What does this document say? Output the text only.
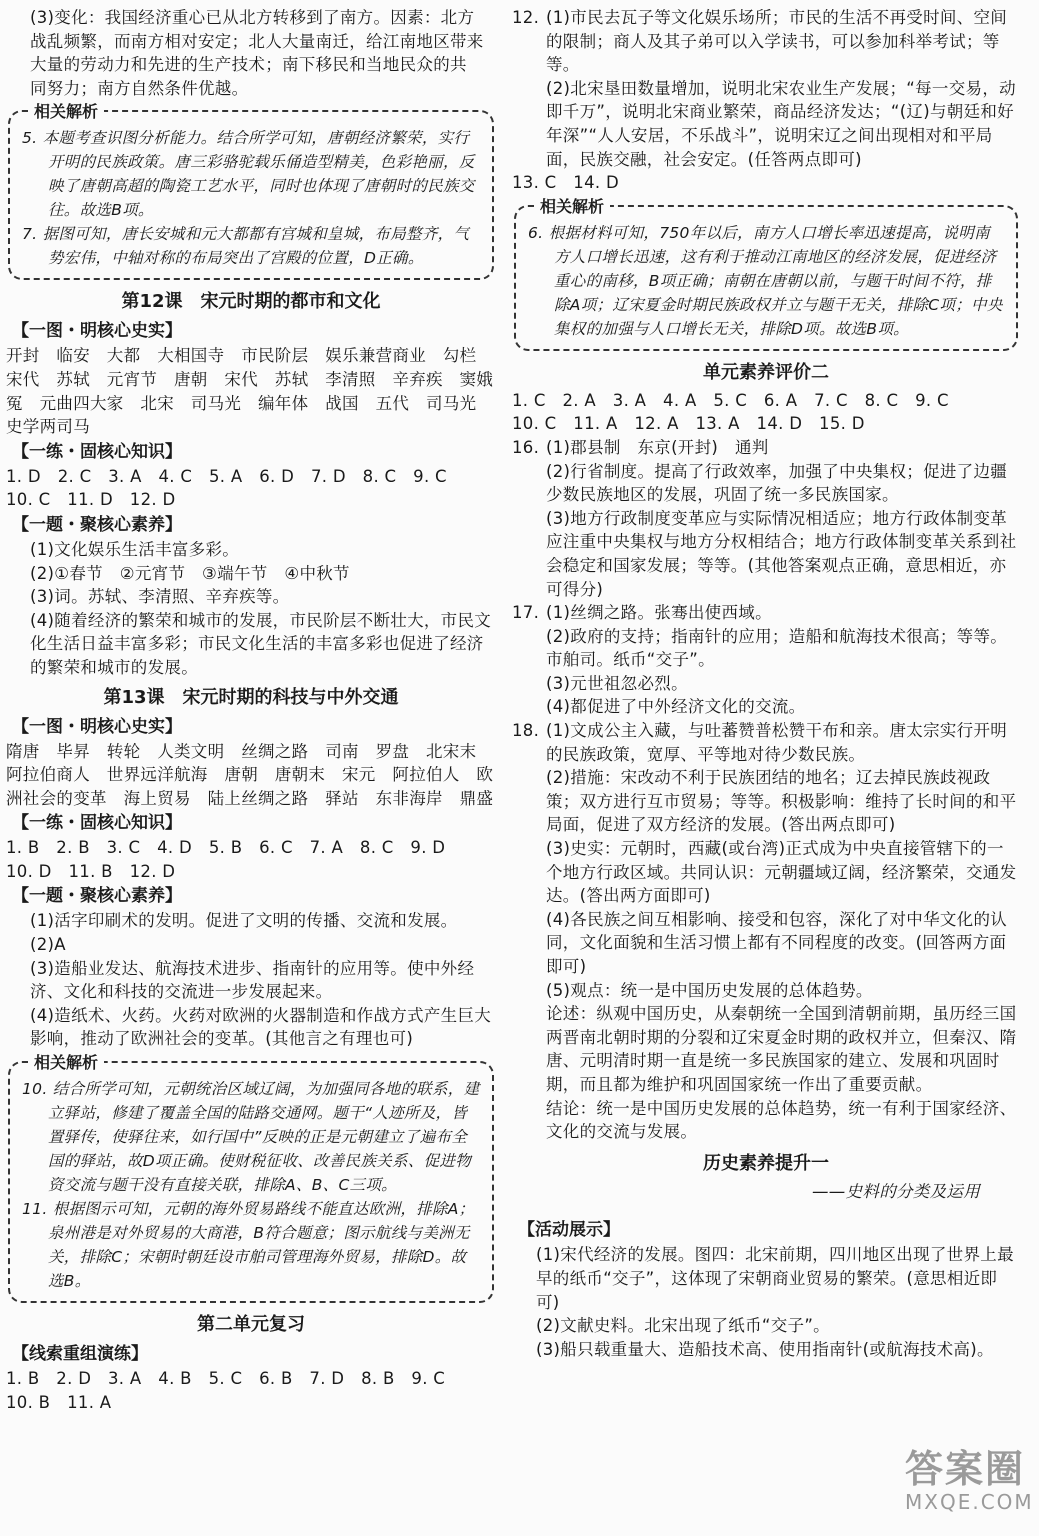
(3)变化：我国经济重心已从北方转移到了南方。因素：北方

战乱频繁，而南方相对安定；北人大量南迁，给江南地区带来

大量的劳动力和先进的生产技术；南下移民和当地民众的共

同努力；南方自然条件优越。

相关解析

5. 本题考查识图分析能力。结合所学可知，唐朝经济繁荣，实行开明的民族政策。唐三彩骆驼载乐俑造型精美，色彩艳丽，反映了唐朝高超的陶瓷工艺水平，同时也体现了唐朝时的民族交往。故选B项。

7. 据图可知，唐长安城和元大都都有宫城和皇城，布局整齐，气势宏伟，中轴对称的布局突出了宫殿的位置，D正确。

第12课　宋元时期的都市和文化

【一图・明核心史实】

开封　临安　大都　大相国寺　市民阶层　娱乐兼营商业　勾栏　宋代　苏轼　元宵节　唐朝　宋代　苏轼　李清照　辛弃疾　窦娥冤　元曲四大家　北宋　司马光　编年体　战国　五代　司马光　史学两司马

【一练・固核心知识】

1. D　2. C　3. A　4. C　5. A　6. D　7. D　8. C　9. C

10. C　11. D　12. D

【一题・聚核心素养】

(1)文化娱乐生活丰富多彩。

(2)①春节　②元宵节　③端午节　④中秋节

(3)词。苏轼、李清照、辛弃疾等。

(4)随着经济的繁荣和城市的发展，市民阶层不断壮大，市民文化生活日益丰富多彩；市民文化生活的丰富多彩也促进了经济的繁荣和城市的发展。

第13课　宋元时期的科技与中外交通

【一图・明核心史实】

隋唐　毕昇　转轮　人类文明　丝绸之路　司南　罗盘　北宋末　阿拉伯商人　世界远洋航海　唐朝　唐朝末　宋元　阿拉伯人　欧洲社会的变革　海上贸易　陆上丝绸之路　驿站　东非海岸　鼎盛

【一练・固核心知识】

1. B　2. B　3. C　4. D　5. B　6. C　7. A　8. C　9. D

10. D　11. B　12. D

【一题・聚核心素养】

(1)活字印刷术的发明。促进了文明的传播、交流和发展。

(2)A

(3)造船业发达、航海技术进步、指南针的应用等。使中外经济、文化和科技的交流进一步发展起来。

(4)造纸术、火药。火药对欧洲的火器制造和作战方式产生巨大影响，推动了欧洲社会的变革。(其他言之有理也可)

相关解析

10. 结合所学可知，元朝统治区域辽阔，为加强同各地的联系，建立驿站，修建了覆盖全国的陆路交通网。题干“人迹所及，皆置驿传，使驿往来，如行国中”反映的正是元朝建立了遍布全国的驿站，故D项正确。使财税征收、改善民族关系、促进物资交流与题干没有直接关联，排除A、B、C三项。

11. 根据图示可知，元朝的海外贸易路线不能直达欧洲，排除A；泉州港是对外贸易的大商港，B符合题意；图示航线与美洲无关，排除C；宋朝时朝廷设市舶司管理海外贸易，排除D。故选B。

第二单元复习

【线索重组演练】

1. B　2. D　3. A　4. B　5. C　6. B　7. D　8. B　9. C

10. B　11. A

12. (1)市民去瓦子等文化娱乐场所；市民的生活不再受时间、空间的限制；商人及其子弟可以入学读书，可以参加科举考试；等等。

(2)北宋垦田数量增加，说明北宋农业生产发展；“每一交易，动即千万”，说明北宋商业繁荣，商品经济发达；“(辽)与朝廷和好年深”“人人安居，不乐战斗”，说明宋辽之间出现相对和平局面，民族交融，社会安定。(任答两点即可)

13. C　14. D

相关解析

6. 根据材料可知，750年以后，南方人口增长率迅速提高，说明南方人口增长迅速，这有利于推动江南地区的经济发展，促进经济重心的南移，B项正确；南朝在唐朝以前，与题干时间不符，排除A项；辽宋夏金时期民族政权并立与题干无关，排除C项；中央集权的加强与人口增长无关，排除D项。故选B项。

单元素养评价二

1. C　2. A　3. A　4. A　5. C　6. A　7. C　8. C　9. C

10. C　11. A　12. A　13. A　14. D　15. D

16. (1)郡县制　东京(开封)　通判

(2)行省制度。提高了行政效率，加强了中央集权；促进了边疆少数民族地区的发展，巩固了统一多民族国家。

(3)地方行政制度变革应与实际情况相适应；地方行政体制变革应注重中央集权与地方分权相结合；地方行政体制变革关系到社会稳定和国家发展；等等。(其他答案观点正确，意思相近，亦可得分)

17. (1)丝绸之路。张骞出使西域。

(2)政府的支持；指南针的应用；造船和航海技术很高；等等。市舶司。纸币“交子”。

(3)元世祖忽必烈。

(4)都促进了中外经济文化的交流。

18. (1)文成公主入藏，与吐蕃赞普松赞干布和亲。唐太宗实行开明的民族政策，宽厚、平等地对待少数民族。

(2)措施：宋改动不利于民族团结的地名；辽去掉民族歧视政策；双方进行互市贸易；等等。积极影响：维持了长时间的和平局面，促进了双方经济的发展。(答出两点即可)

(3)史实：元朝时，西藏(或台湾)正式成为中央直接管辖下的一个地方行政区域。共同认识：元朝疆域辽阔，经济繁荣，交通发达。(答出两方面即可)

(4)各民族之间互相影响、接受和包容，深化了对中华文化的认同，文化面貌和生活习惯上都有不同程度的改变。(回答两方面即可)

(5)观点：统一是中国历史发展的总体趋势。

论述：纵观中国历史，从秦朝统一全国到清朝前期，虽历经三国两晋南北朝时期的分裂和辽宋夏金时期的政权并立，但秦汉、隋唐、元明清时期一直是统一多民族国家的建立、发展和巩固时期，而且都为维护和巩固国家统一作出了重要贡献。

结论：统一是中国历史发展的总体趋势，统一有利于国家经济、文化的交流与发展。

历史素养提升一

——史料的分类及运用

【活动展示】

(1)宋代经济的发展。图四：北宋前期，四川地区出现了世界上最早的纸币“交子”，这体现了宋朝商业贸易的繁荣。(意思相近即可)

(2)文献史料。北宋出现了纸币“交子”。

(3)船只载重量大、造船技术高、使用指南针(或航海技术高)。

答案圈
MXQE.COM
